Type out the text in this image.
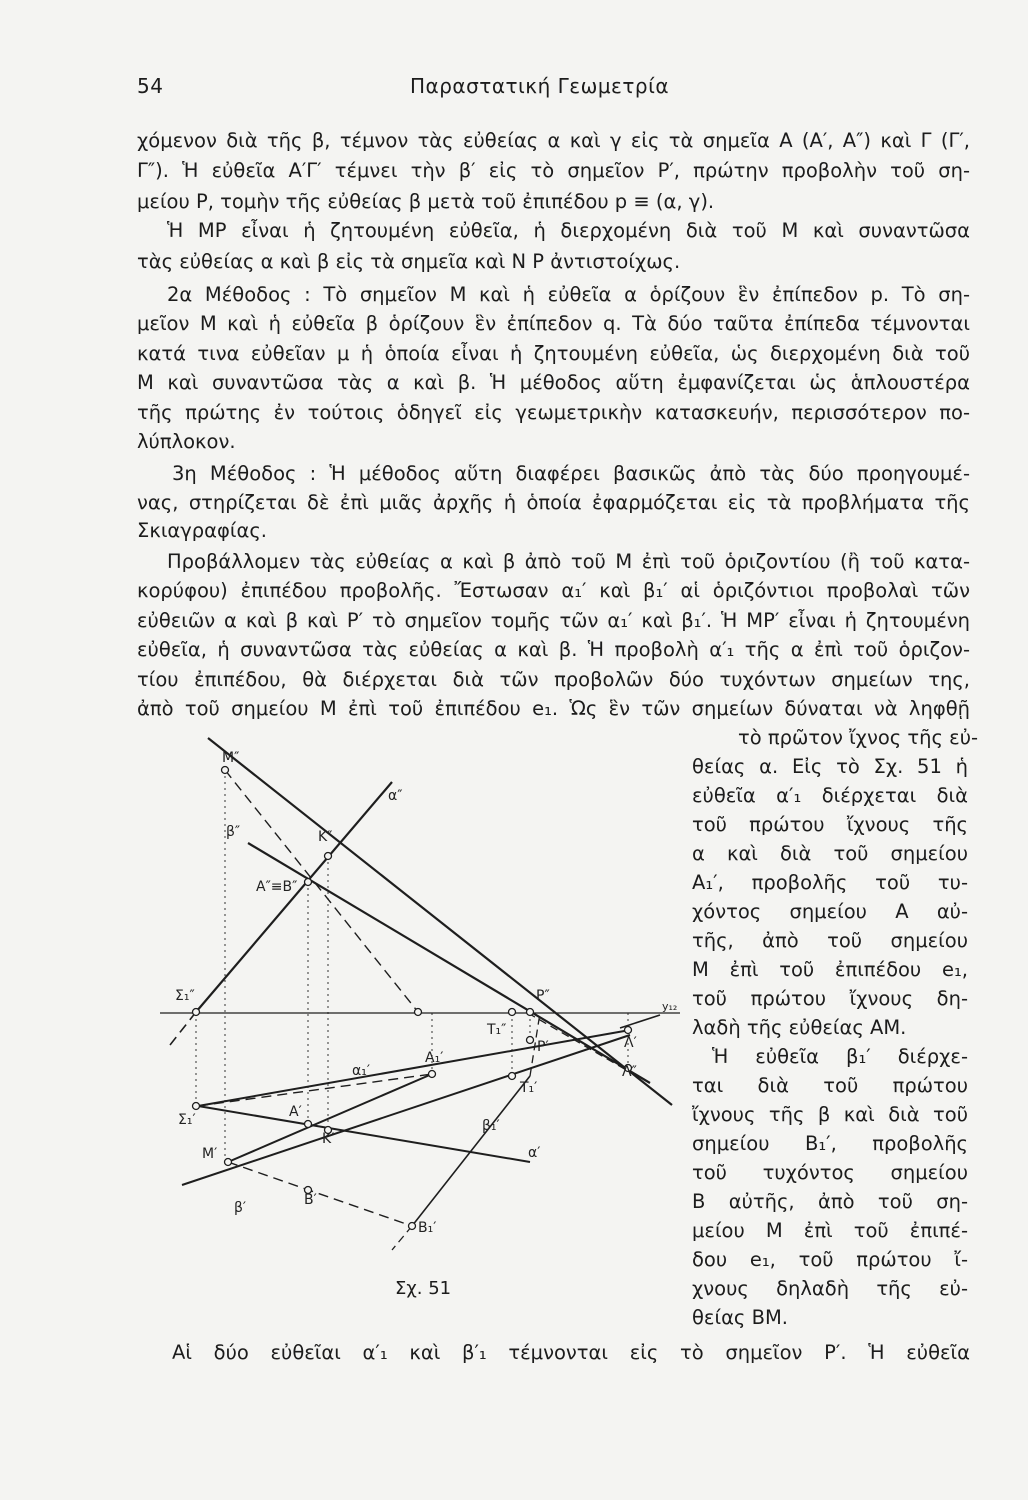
54	Παραστατική Γεωμετρία

χόμενον διὰ τῆς β, τέμνον τὰς εὐθείας α καὶ γ εἰς τὰ σημεῖα A (A′, A″) καὶ Γ (Γ′,

Γ″). Ἡ εὐθεῖα A′Γ′ τέμνει τὴν β′ εἰς τὸ σημεῖον P′, πρώτην προβολὴν τοῦ ση-

μείου P, τομὴν τῆς εὐθείας β μετὰ τοῦ ἐπιπέδου p ≡ (α, γ).

Ἡ MP εἶναι ἡ ζητουμένη εὐθεῖα, ἡ διερχομένη διὰ τοῦ M καὶ συναντῶσα

τὰς εὐθείας α καὶ β εἰς τὰ σημεῖα καὶ N P ἀντιστοίχως.

2α Μέθοδος : Τὸ σημεῖον M καὶ ἡ εὐθεῖα α ὁρίζουν ἓν ἐπίπεδον p. Τὸ ση-

μεῖον M καὶ ἡ εὐθεῖα β ὁρίζουν ἓν ἐπίπεδον q. Τὰ δύο ταῦτα ἐπίπεδα τέμνονται

κατά τινα εὐθεῖαν μ ἡ ὁποία εἶναι ἡ ζητουμένη εὐθεῖα, ὡς διερχομένη διὰ τοῦ

M καὶ συναντῶσα τὰς α καὶ β. Ἡ μέθοδος αὕτη ἐμφανίζεται ὡς ἁπλουστέρα

τῆς πρώτης ἐν τούτοις ὁδηγεῖ εἰς γεωμετρικὴν κατασκευήν, περισσότερον πο-

λύπλοκον.

3η Μέθοδος : Ἡ μέθοδος αὕτη διαφέρει βασικῶς ἀπὸ τὰς δύο προηγουμέ-

νας, στηρίζεται δὲ ἐπὶ μιᾶς ἀρχῆς ἡ ὁποία ἐφαρμόζεται εἰς τὰ προβλήματα τῆς

Σκιαγραφίας.

Προβάλλομεν τὰς εὐθείας α καὶ β ἀπὸ τοῦ M ἐπὶ τοῦ ὁριζοντίου (ἢ τοῦ κατα-

κορύφου) ἐπιπέδου προβολῆς. Ἔστωσαν α₁′ καὶ β₁′ αἱ ὁριζόντιοι προβολαὶ τῶν

εὐθειῶν α καὶ β καὶ P′ τὸ σημεῖον τομῆς τῶν α₁′ καὶ β₁′. Ἡ MP′ εἶναι ἡ ζητουμένη

εὐθεῖα, ἡ συναντῶσα τὰς εὐθείας α καὶ β. Ἡ προβολὴ α′₁ τῆς α ἐπὶ τοῦ ὁριζον-

τίου ἐπιπέδου, θὰ διέρχεται διὰ τῶν προβολῶν δύο τυχόντων σημείων της,

ἀπὸ τοῦ σημείου M ἐπὶ τοῦ ἐπιπέδου e₁. Ὡς ἓν τῶν σημείων δύναται νὰ ληφθῇ

τὸ πρῶτον ἴχνος τῆς εὐ-

θείας α. Εἰς τὸ Σχ. 51 ἡ

εὐθεῖα α′₁ διέρχεται διὰ

τοῦ πρώτου ἴχνους τῆς

α καὶ διὰ τοῦ σημείου

A₁′, προβολῆς τοῦ τυ-

χόντος σημείου A αὐ-

τῆς, ἀπὸ τοῦ σημείου

M ἐπὶ τοῦ ἐπιπέδου e₁,

τοῦ πρώτου ἴχνους δη-

λαδὴ τῆς εὐθείας AM.

Ἡ εὐθεῖα β₁′ διέρχε-

ται διὰ τοῦ πρώτου

ἴχνους τῆς β καὶ διὰ τοῦ

σημείου B₁′, προβολῆς

τοῦ τυχόντος σημείου

B αὐτῆς, ἀπὸ τοῦ ση-

μείου M ἐπὶ τοῦ ἐπιπέ-

δου e₁, τοῦ πρώτου ἴ-

χνους δηλαδὴ τῆς εὐ-

θείας BM.

Αἱ δύο εὐθεῖαι α′₁ καὶ β′₁ τέμνονται εἰς τὸ σημεῖον P′. Ἡ εὐθεῖα

M″
α″
β″	K″
A″≡B″
Σ₁″	P″
y₁₂
T₁″
Λ′
P′
A₁′
α₁′	Λ″
T₁′
A′
Σ₁′	β₁′
K′
M′	α′
B′
β′
B₁′
Σχ. 51
